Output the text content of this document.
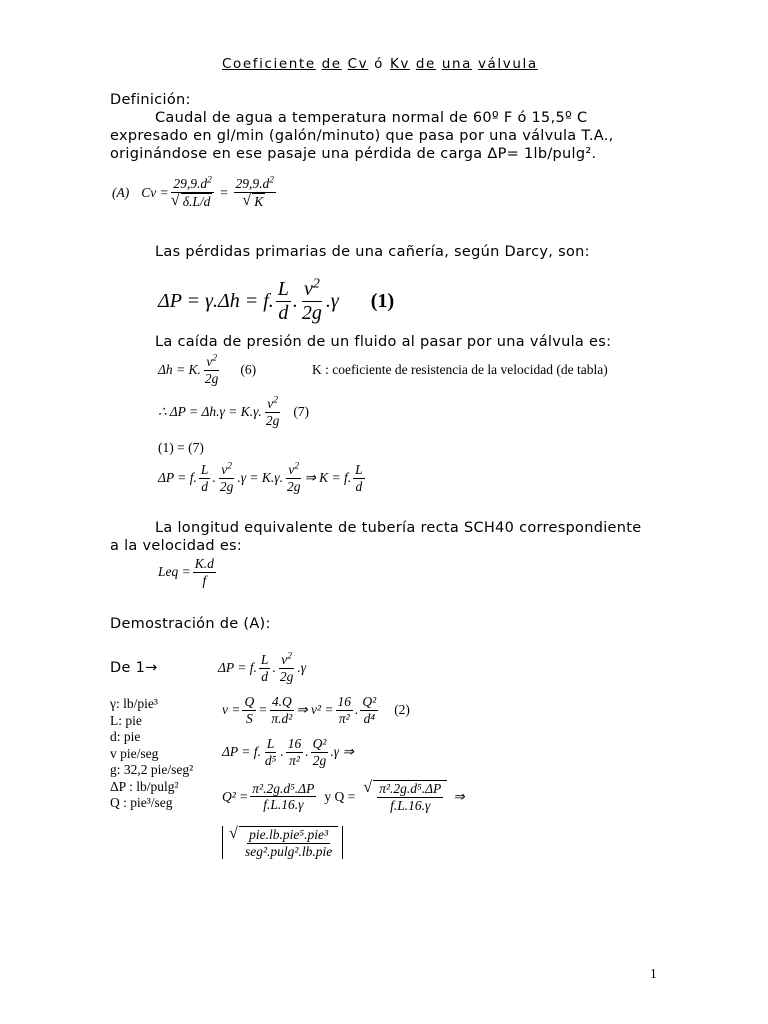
Coeficiente de Cv ó Kv de una válvula
Definición:
Caudal de agua a temperatura normal de 60º F ó 15,5º C
expresado en gl/min (galón/minuto) que pasa por una válvula T.A.,
originándose en ese pasaje una pérdida de carga ΔP= 1lb/pulg².
(A) $Cv = 29,9.d^2$
√ $\delta.L/d = 29,9.d^2$
√ K
Las pérdidas primarias de una cañería, según Darcy, son:
ΔP = γ.Δh = f. $\frac{L}{d}$ . $\frac{v^2}{2g} .\gamma$ (1)
La caída de presión de un fluido al pasar por una válvula es:
Δh = K. $\frac{v^2}{2g} (6)$	K : coeficiente de resistencia de la velocidad (de tabla)
∴ ΔP = Δh.γ = K.γ. $\frac{v^2}{2g} (7)$
(1) = (7)
ΔP = f. $\frac{L}{d}$ . $\frac{v^2}{2g} .\gamma = K.\gamma$. $\frac{v^2}{2g}$ ⇒ K = f. $\frac{L}{d}$
La longitud equivalente de tubería recta SCH40 correspondiente
a la velocidad es:
Leq = $\frac{K.d}{f}$
Demostración de (A):
De 1→	ΔP = f. $\frac{L}{d}$ . $\frac{v^2}{2g} .\gamma$
γ: lb/pie³
L: pie
d: pie
v pie/seg
g: 32,2 pie/seg²
ΔP : lb/pulg²
Q : pie³/seg
$v = \frac{Q}{S} = \frac{4.Q}{\text{π.d²}}$ ⇒ $v^2 = \frac{16}{\text{π²}}$ . $\frac{\text{Q²}}{\text{d⁴}} (2)$
ΔP = f. $\frac{L}{\text{d⁵}}$ . $\frac{16}{\text{π²}}$ . $\frac{\text{Q²}}{2g} .\gamma$ ⇒
$Q^2 = \frac{\text{π².2g.d⁵.ΔP}}{f.L.16.\gamma}$ y Q =
√ $\frac{\text{π².2g.d⁵.ΔP}}{f.L.16.\gamma}$ ⇒
√ $\frac{\text{pie.lb.pie⁵.pie³}}{\text{seg².pulg².lb.pie}}$
1
